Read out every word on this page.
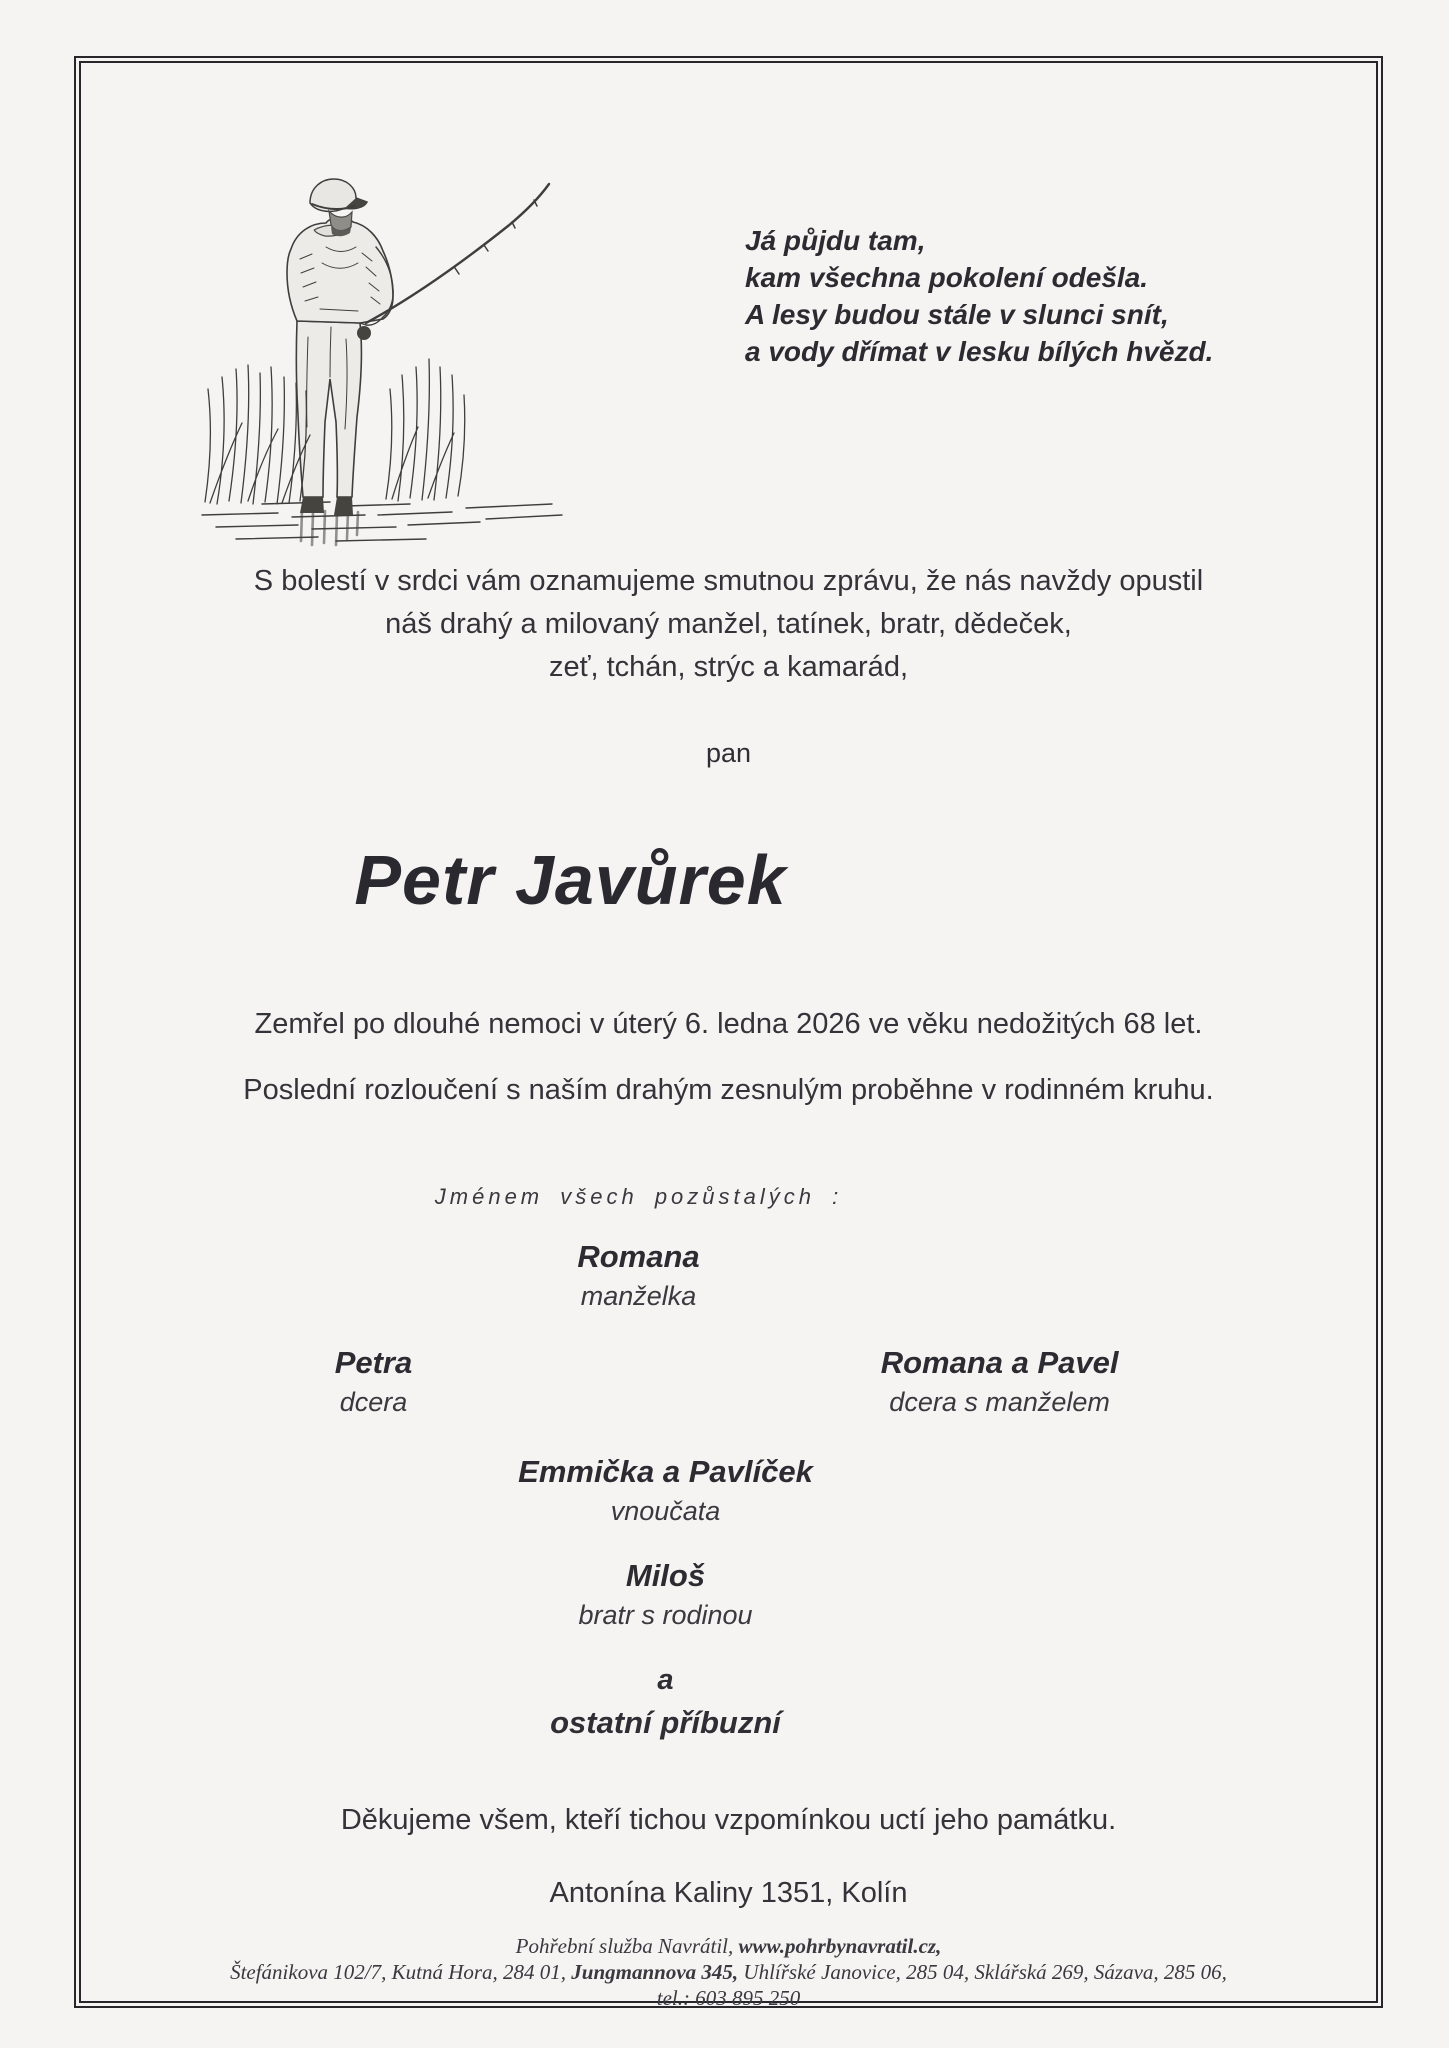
Já půjdu tam,
kam všechna pokolení odešla.
A lesy budou stále v slunci snít,
a vody dřímat v lesku bílých hvězd.
S bolestí v srdci vám oznamujeme smutnou zprávu, že nás navždy opustil
náš drahý a milovaný manžel, tatínek, bratr, dědeček,
zeť, tchán, strýc a kamarád,
pan
Petr Javůrek
Zemřel po dlouhé nemoci v úterý 6. ledna 2026 ve věku nedožitých 68 let.
Poslední rozloučení s naším drahým zesnulým proběhne v rodinném kruhu.
Jménem všech pozůstalých :
Romana
manželka
Petra
dcera
Romana a Pavel
dcera s manželem
Emmička a Pavlíček
vnoučata
Miloš
bratr s rodinou
a
ostatní příbuzní
Děkujeme všem, kteří tichou vzpomínkou uctí jeho památku.
Antonína Kaliny 1351, Kolín
Pohřební služba Navrátil, www.pohrbynavratil.cz,
Štefánikova 102/7, Kutná Hora, 284 01, Jungmannova 345, Uhlířské Janovice, 285 04, Sklářská 269, Sázava, 285 06,
tel.: 603 895 250
